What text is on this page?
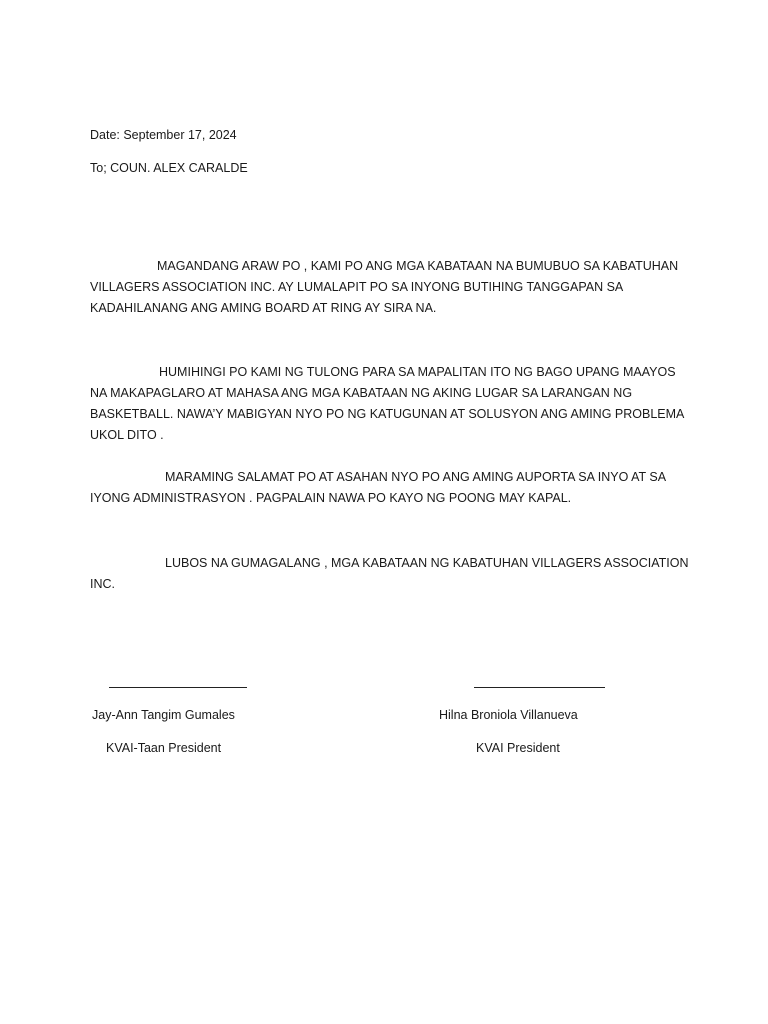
Date: September 17, 2024
To; COUN. ALEX CARALDE
MAGANDANG ARAW PO , KAMI PO ANG MGA KABATAAN NA BUMUBUO SA KABATUHAN VILLAGERS ASSOCIATION INC. AY LUMALAPIT PO SA INYONG BUTIHING TANGGAPAN SA KADAHILANANG ANG AMING BOARD AT RING AY SIRA NA.
HUMIHINGI PO KAMI NG TULONG PARA SA MAPALITAN ITO NG BAGO UPANG MAAYOS NA MAKAPAGLARO AT MAHASA ANG MGA KABATAAN NG AKING LUGAR SA LARANGAN NG BASKETBALL. NAWA’Y MABIGYAN NYO PO NG KATUGUNAN AT SOLUSYON ANG AMING PROBLEMA UKOL DITO .
MARAMING SALAMAT PO AT ASAHAN NYO PO ANG AMING AUPORTA SA INYO AT SA IYONG ADMINISTRASYON . PAGPALAIN NAWA PO KAYO NG POONG MAY KAPAL.
LUBOS NA GUMAGALANG , MGA KABATAAN NG KABATUHAN VILLAGERS ASSOCIATION INC.
Jay-Ann Tangim Gumales	Hilna Broniola Villanueva
KVAI-Taan President	KVAI President
